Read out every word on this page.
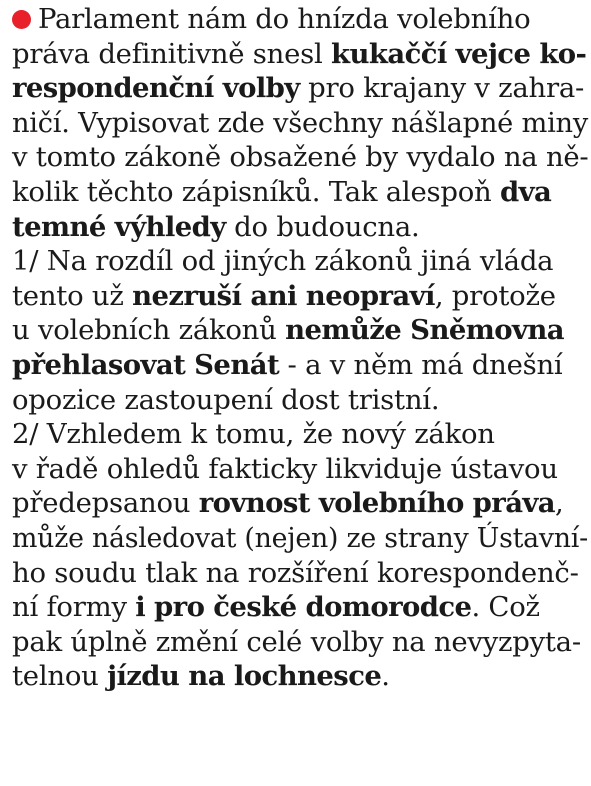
Parlament nám do hnízda volebního
práva definitivně snesl kukaččí vejce ko-
respondenční volby pro krajany v zahra-
ničí. Vypisovat zde všechny nášlapné miny
v tomto zákoně obsažené by vydalo na ně-
kolik těchto zápisníků. Tak alespoň dva
temné výhledy do budoucna.
1/ Na rozdíl od jiných zákonů jiná vláda
tento už nezruší ani neopraví, protože
u volebních zákonů nemůže Sněmovna
přehlasovat Senát - a v něm má dnešní
opozice zastoupení dost tristní.
2/ Vzhledem k tomu, že nový zákon
v řadě ohledů fakticky likviduje ústavou
předepsanou rovnost volebního práva,
může následovat (nejen) ze strany Ústavní-
ho soudu tlak na rozšíření korespondenč-
ní formy i pro české domorodce. Což
pak úplně změní celé volby na nevyzpyta-
telnou jízdu na lochnesce.
